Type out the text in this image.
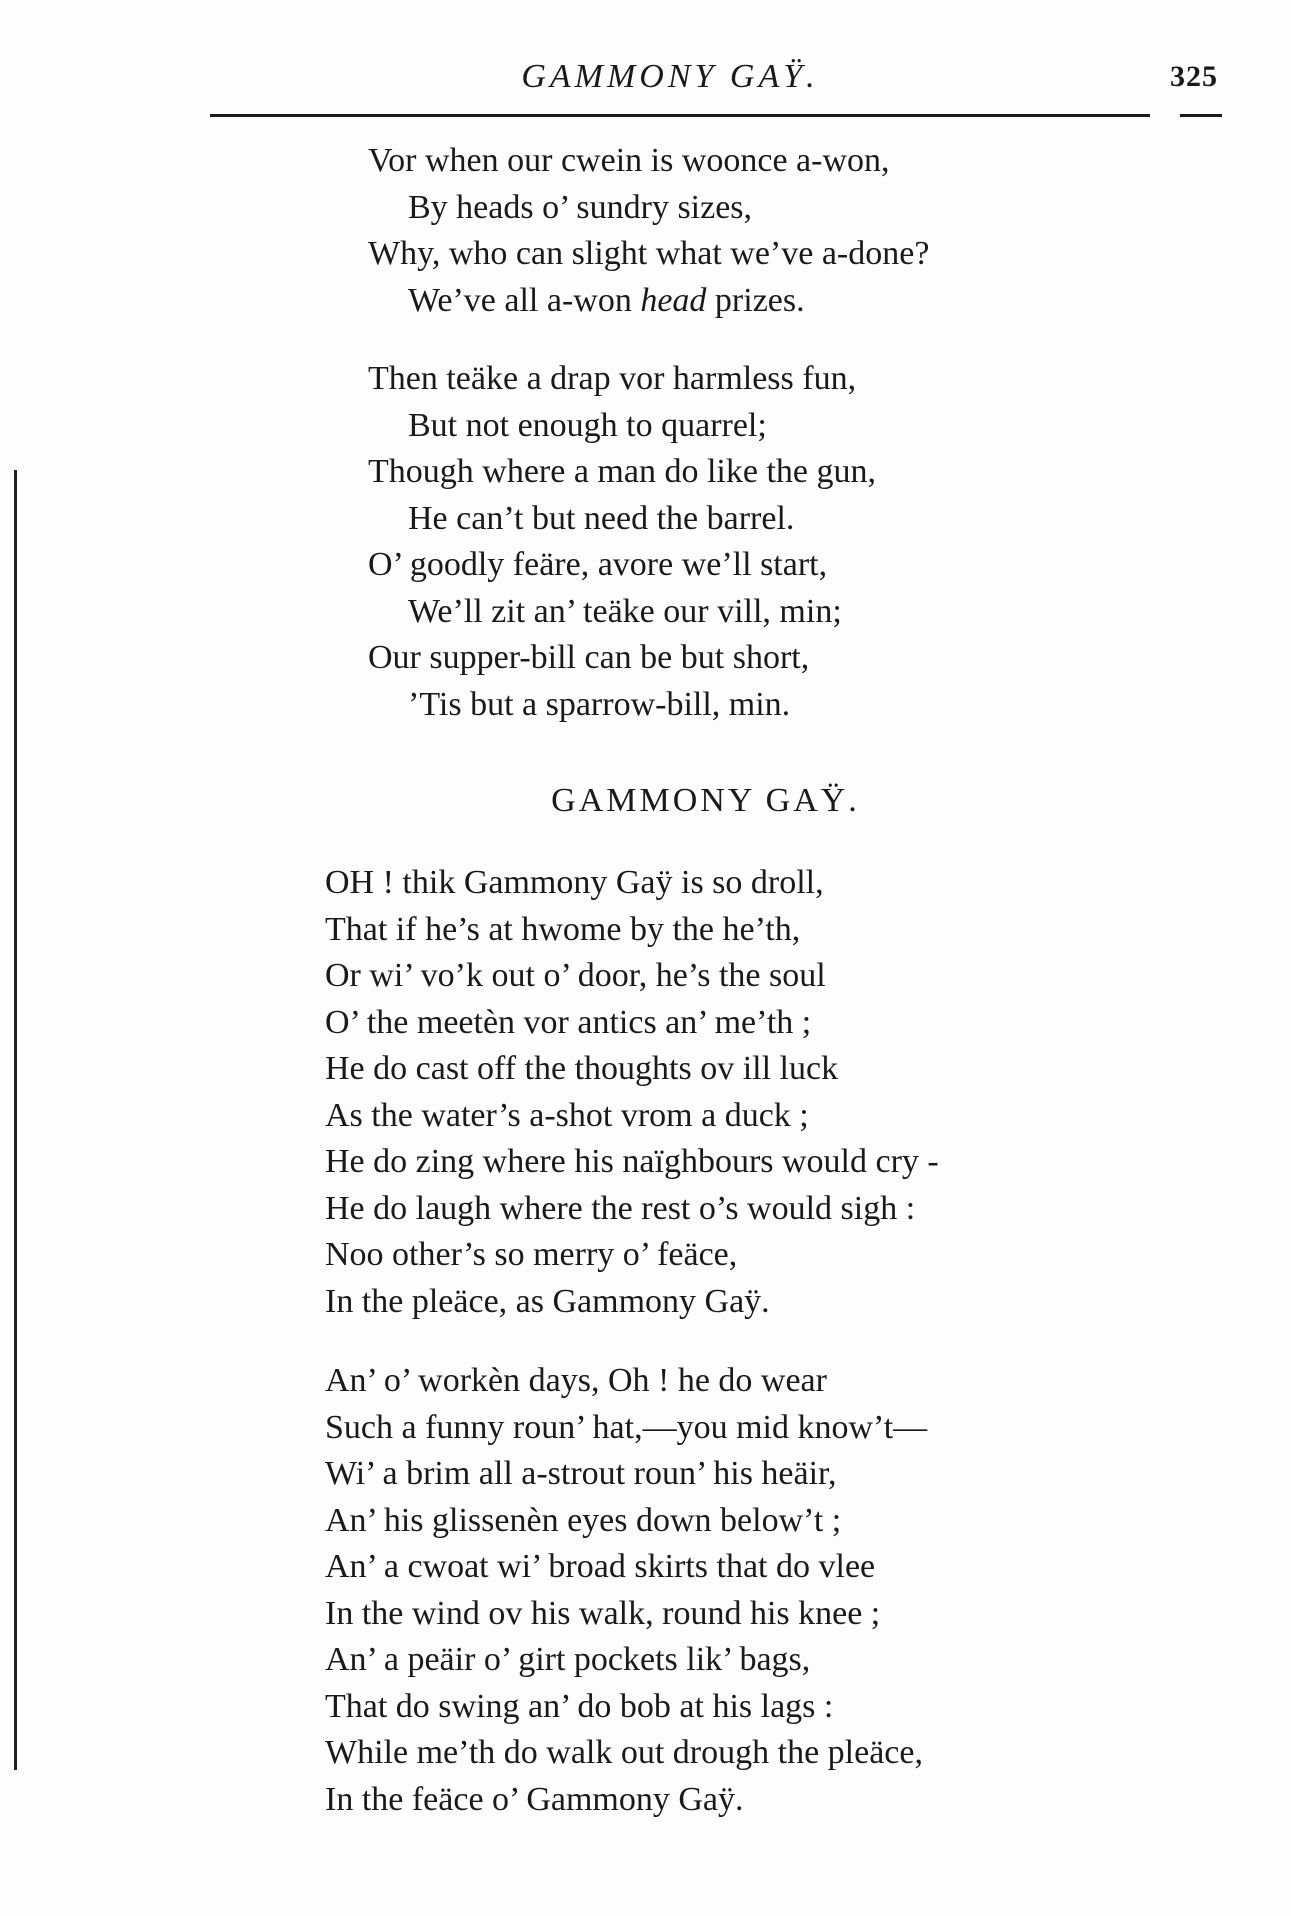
GAMMONY GAŸ.	325
Vor when our cwein is woonce a-won,
By heads o’ sundry sizes,
Why, who can slight what we’ve a-done?
We’ve all a-won head prizes.
Then teäke a drap vor harmless fun,
But not enough to quarrel;
Though where a man do like the gun,
He can’t but need the barrel.
O’ goodly feäre, avore we’ll start,
We’ll zit an’ teäke our vill, min;
Our supper-bill can be but short,
’Tis but a sparrow-bill, min.
GAMMONY GAŸ.
OH ! thik Gammony Gaÿ is so droll,
That if he’s at hwome by the he’th,
Or wi’ vo’k out o’ door, he’s the soul
O’ the meetèn vor antics an’ me’th ;
He do cast off the thoughts ov ill luck
As the water’s a-shot vrom a duck ;
He do zing where his naïghbours would cry -
He do laugh where the rest o’s would sigh :
Noo other’s so merry o’ feäce,
In the pleäce, as Gammony Gaÿ.
An’ o’ workèn days, Oh ! he do wear
Such a funny roun’ hat,—you mid know’t—
Wi’ a brim all a-strout roun’ his heäir,
An’ his glissenèn eyes down below’t ;
An’ a cwoat wi’ broad skirts that do vlee
In the wind ov his walk, round his knee ;
An’ a peäir o’ girt pockets lik’ bags,
That do swing an’ do bob at his lags :
While me’th do walk out drough the pleäce,
In the feäce o’ Gammony Gaÿ.
